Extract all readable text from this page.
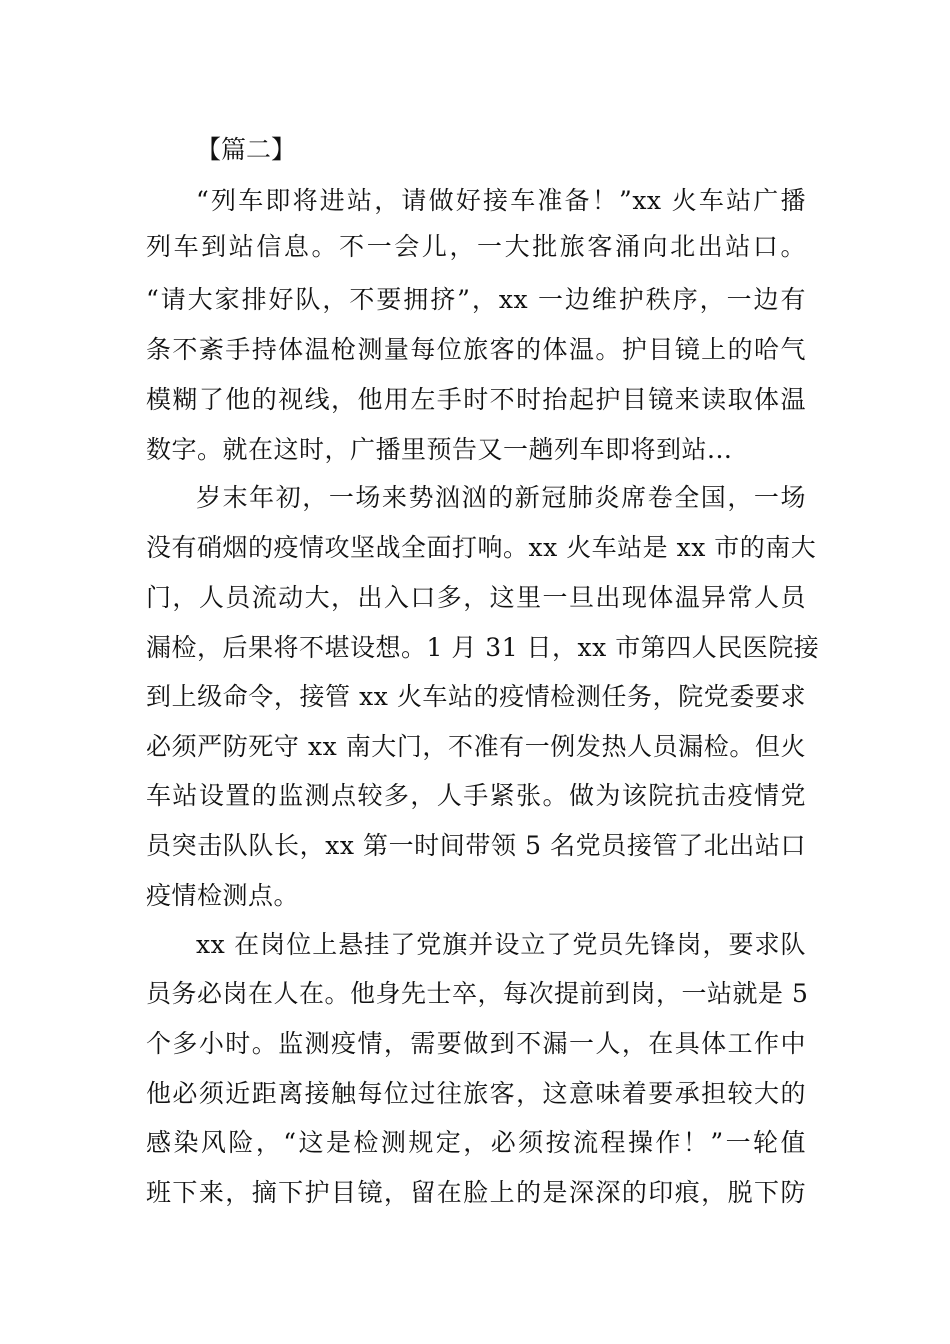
【篇二】
“列车即将进站，请做好接车准备！”xx 火车站广播
列车到站信息。不一会儿，一大批旅客涌向北出站口。
“请大家排好队，不要拥挤”，xx 一边维护秩序，一边有
条不紊手持体温枪测量每位旅客的体温。护目镜上的哈气
模糊了他的视线，他用左手时不时抬起护目镜来读取体温
数字。就在这时，广播里预告又一趟列车即将到站...
岁末年初，一场来势汹汹的新冠肺炎席卷全国，一场
没有硝烟的疫情攻坚战全面打响。xx 火车站是 xx 市的南大
门，人员流动大，出入口多，这里一旦出现体温异常人员
漏检，后果将不堪设想。1 月 31 日，xx 市第四人民医院接
到上级命令，接管 xx 火车站的疫情检测任务，院党委要求
必须严防死守 xx 南大门，不准有一例发热人员漏检。但火
车站设置的监测点较多，人手紧张。做为该院抗击疫情党
员突击队队长，xx 第一时间带领 5 名党员接管了北出站口
疫情检测点。
xx 在岗位上悬挂了党旗并设立了党员先锋岗，要求队
员务必岗在人在。他身先士卒，每次提前到岗，一站就是 5
个多小时。监测疫情，需要做到不漏一人，在具体工作中
他必须近距离接触每位过往旅客，这意味着要承担较大的
感染风险，“这是检测规定，必须按流程操作！”一轮值
班下来，摘下护目镜，留在脸上的是深深的印痕，脱下防
